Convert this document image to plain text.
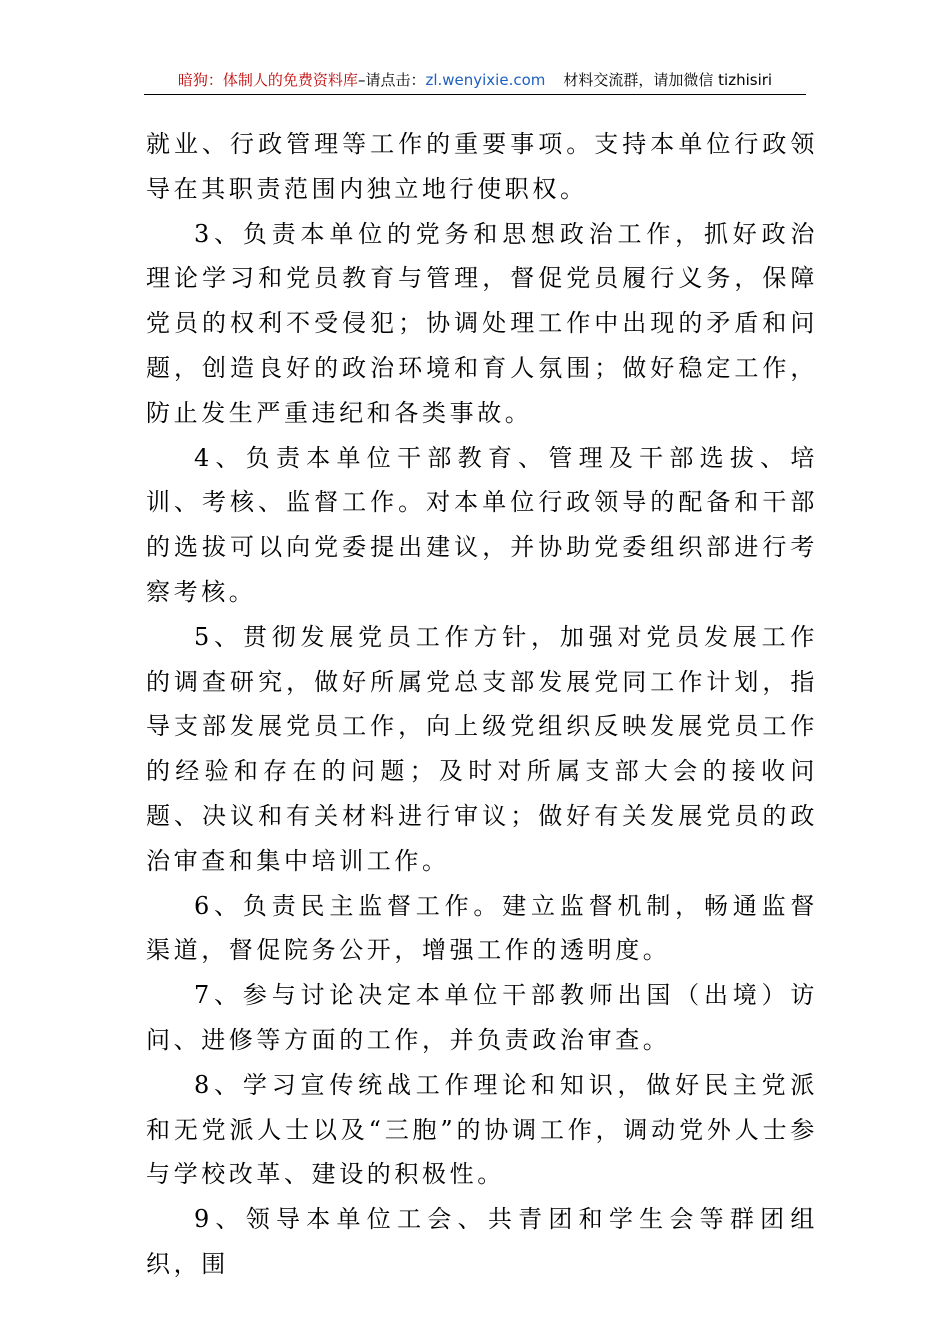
暗狗：体制人的免费资料库–请点击：zl.wenyixie.com 材料交流群，请加微信 tizhisiri

就业、行政管理等工作的重要事项。支持本单位行政领导在其职责范围内独立地行使职权。

3、负责本单位的党务和思想政治工作，抓好政治理论学习和党员教育与管理，督促党员履行义务，保障党员的权利不受侵犯；协调处理工作中出现的矛盾和问题，创造良好的政治环境和育人氛围；做好稳定工作，防止发生严重违纪和各类事故。

4、负责本单位干部教育、管理及干部选拔、培训、考核、监督工作。对本单位行政领导的配备和干部的选拔可以向党委提出建议，并协助党委组织部进行考察考核。

5、贯彻发展党员工作方针，加强对党员发展工作的调查研究，做好所属党总支部发展党同工作计划，指导支部发展党员工作，向上级党组织反映发展党员工作的经验和存在的问题；及时对所属支部大会的接收问题、决议和有关材料进行审议；做好有关发展党员的政治审查和集中培训工作。

6、负责民主监督工作。建立监督机制，畅通监督渠道，督促院务公开，增强工作的透明度。

7、参与讨论决定本单位干部教师出国（出境）访问、进修等方面的工作，并负责政治审查。

8、学习宣传统战工作理论和知识，做好民主党派和无党派人士以及“三胞”的协调工作，调动党外人士参与学校改革、建设的积极性。

9、领导本单位工会、共青团和学生会等群团组织，围
